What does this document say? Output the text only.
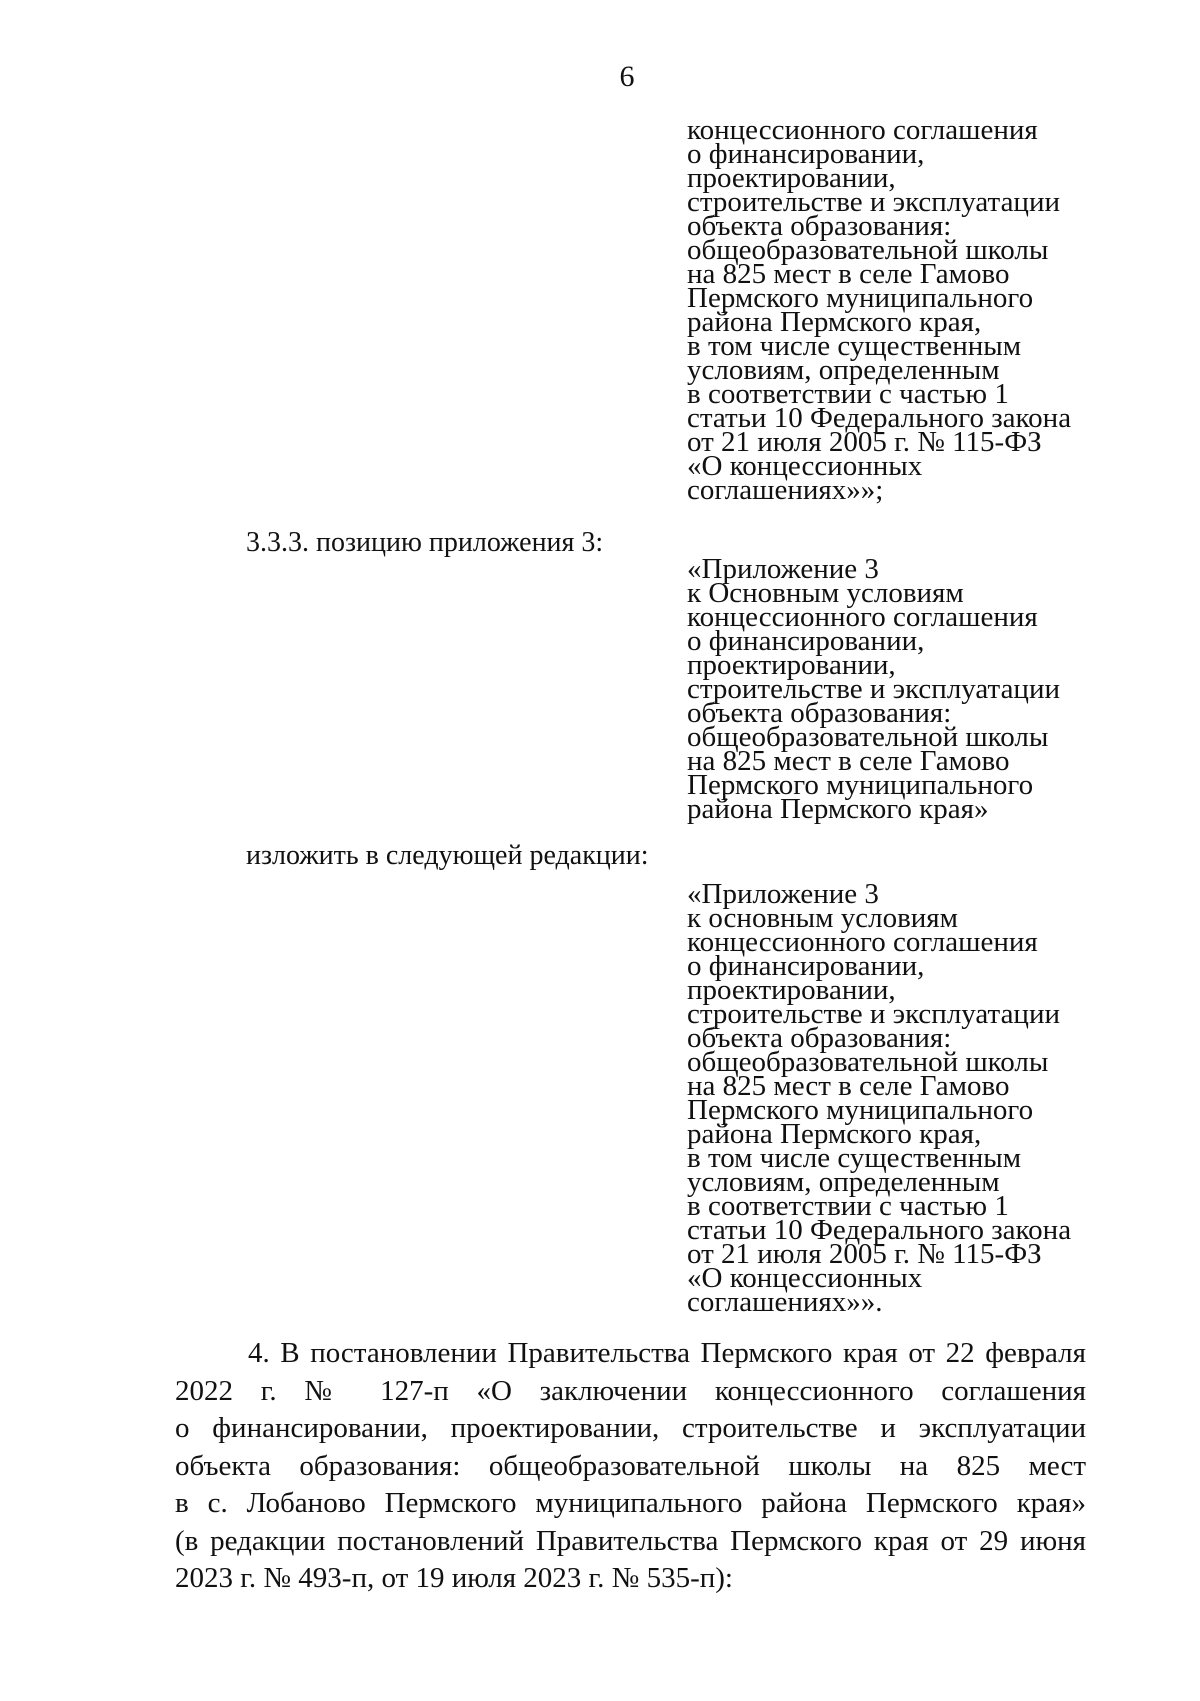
6
концессионного соглашения
о финансировании,
проектировании,
строительстве и эксплуатации
объекта образования:
общеобразовательной школы
на 825 мест в селе Гамово
Пермского муниципального
района Пермского края,
в том числе существенным
условиям, определенным
в соответствии с частью 1
статьи 10 Федерального закона
от 21 июля 2005 г. № 115-ФЗ
«О концессионных
соглашениях»»;
3.3.3. позицию приложения 3:
«Приложение 3
к Основным условиям
концессионного соглашения
о финансировании,
проектировании,
строительстве и эксплуатации
объекта образования:
общеобразовательной школы
на 825 мест в селе Гамово
Пермского муниципального
района Пермского края»
изложить в следующей редакции:
«Приложение 3
к основным условиям
концессионного соглашения
о финансировании,
проектировании,
строительстве и эксплуатации
объекта образования:
общеобразовательной школы
на 825 мест в селе Гамово
Пермского муниципального
района Пермского края,
в том числе существенным
условиям, определенным
в соответствии с частью 1
статьи 10 Федерального закона
от 21 июля 2005 г. № 115-ФЗ
«О концессионных
соглашениях»».
4. В постановлении Правительства Пермского края от 22 февраля
2022 г. № 127-п «О заключении концессионного соглашения
о финансировании, проектировании, строительстве и эксплуатации
объекта образования: общеобразовательной школы на 825 мест
в с. Лобаново Пермского муниципального района Пермского края»
(в редакции постановлений Правительства Пермского края от 29 июня
2023 г. № 493-п, от 19 июля 2023 г. № 535-п):
